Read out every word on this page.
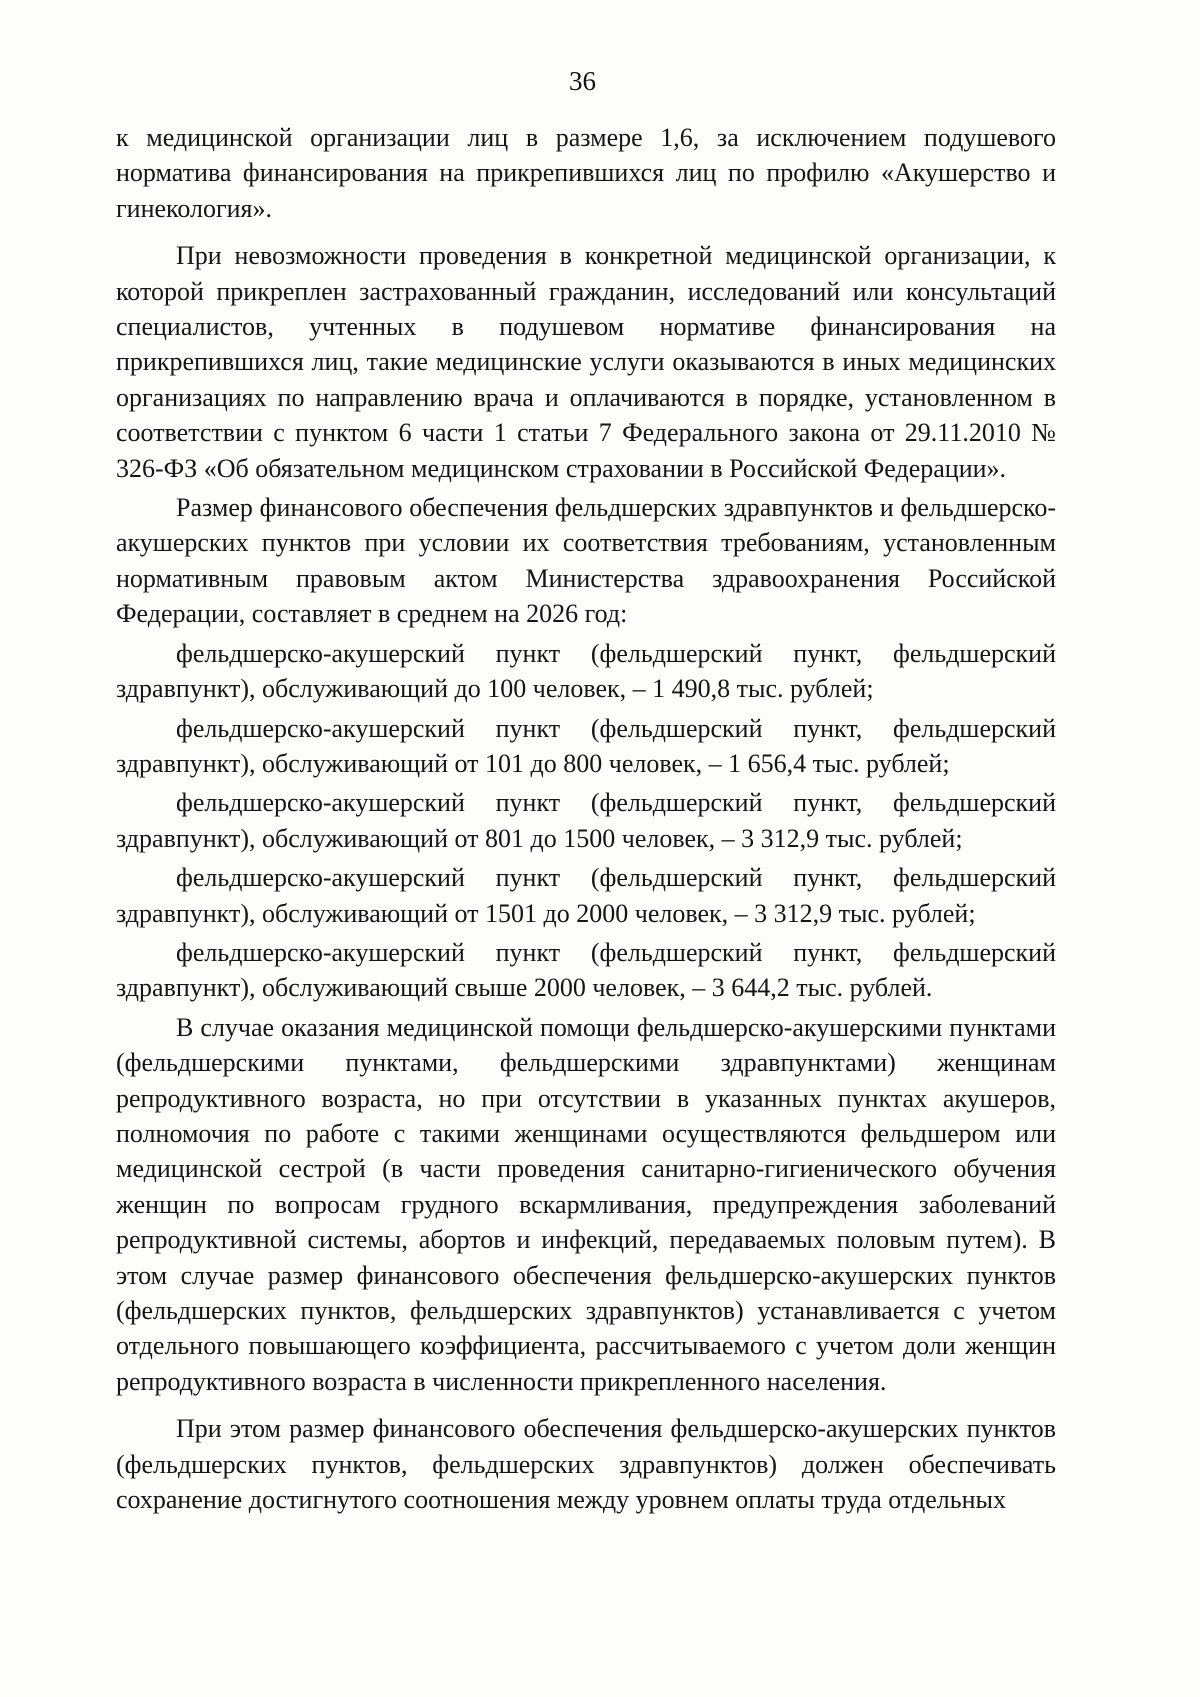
36

к медицинской организации лиц в размере 1,6, за исключением подушевого норматива финансирования на прикрепившихся лиц по профилю «Акушерство и гинекология».

При невозможности проведения в конкретной медицинской организации, к которой прикреплен застрахованный гражданин, исследований или консультаций специалистов, учтенных в подушевом нормативе финансирования на прикрепившихся лиц, такие медицинские услуги оказываются в иных медицинских организациях по направлению врача и оплачиваются в порядке, установленном в соответствии с пунктом 6 части 1 статьи 7 Федерального закона от 29.11.2010 № 326-ФЗ «Об обязательном медицинском страховании в Российской Федерации».

Размер финансового обеспечения фельдшерских здравпунктов и фельдшерско-акушерских пунктов при условии их соответствия требованиям, установленным нормативным правовым актом Министерства здравоохранения Российской Федерации, составляет в среднем на 2026 год:

фельдшерско-акушерский пункт (фельдшерский пункт, фельдшерский здравпункт), обслуживающий до 100 человек, – 1 490,8 тыс. рублей;

фельдшерско-акушерский пункт (фельдшерский пункт, фельдшерский здравпункт), обслуживающий от 101 до 800 человек, – 1 656,4 тыс. рублей;

фельдшерско-акушерский пункт (фельдшерский пункт, фельдшерский здравпункт), обслуживающий от 801 до 1500 человек, – 3 312,9 тыс. рублей;

фельдшерско-акушерский пункт (фельдшерский пункт, фельдшерский здравпункт), обслуживающий от 1501 до 2000 человек, – 3 312,9 тыс. рублей;

фельдшерско-акушерский пункт (фельдшерский пункт, фельдшерский здравпункт), обслуживающий свыше 2000 человек, – 3 644,2 тыс. рублей.

В случае оказания медицинской помощи фельдшерско-акушерскими пунктами (фельдшерскими пунктами, фельдшерскими здравпунктами) женщинам репродуктивного возраста, но при отсутствии в указанных пунктах акушеров, полномочия по работе с такими женщинами осуществляются фельдшером или медицинской сестрой (в части проведения санитарно-гигиенического обучения женщин по вопросам грудного вскармливания, предупреждения заболеваний репродуктивной системы, абортов и инфекций, передаваемых половым путем). В этом случае размер финансового обеспечения фельдшерско-акушерских пунктов (фельдшерских пунктов, фельдшерских здравпунктов) устанавливается с учетом отдельного повышающего коэффициента, рассчитываемого с учетом доли женщин репродуктивного возраста в численности прикрепленного населения.

При этом размер финансового обеспечения фельдшерско-акушерских пунктов (фельдшерских пунктов, фельдшерских здравпунктов) должен обеспечивать сохранение достигнутого соотношения между уровнем оплаты труда отдельных
